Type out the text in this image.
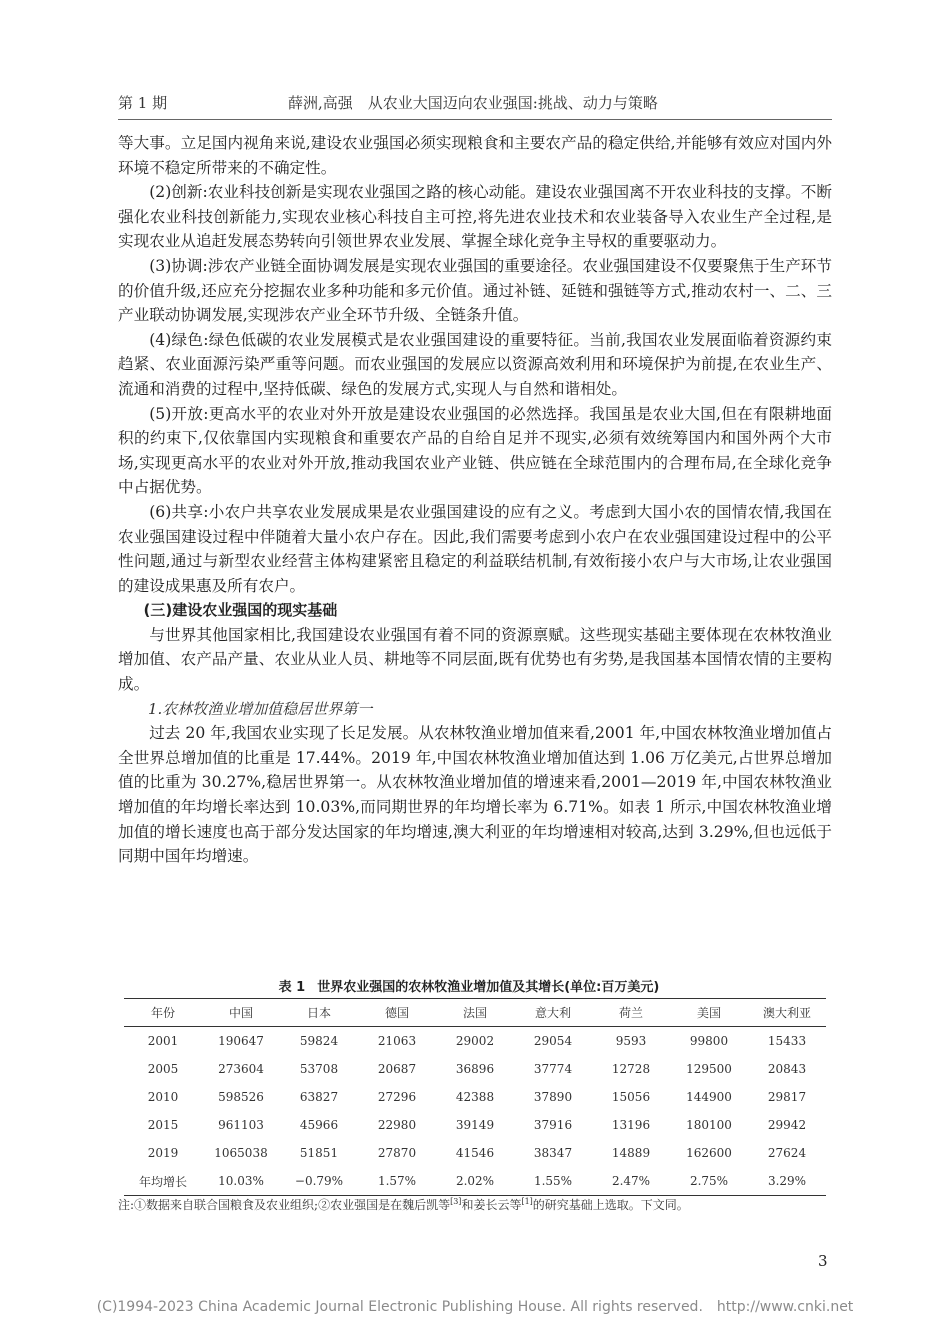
第 1 期	薛洲,高强　从农业大国迈向农业强国:挑战、动力与策略

等大事。立足国内视角来说,建设农业强国必须实现粮食和主要农产品的稳定供给,并能够有效应对国内外环境不稳定所带来的不确定性。

(2)创新:农业科技创新是实现农业强国之路的核心动能。建设农业强国离不开农业科技的支撑。不断强化农业科技创新能力,实现农业核心科技自主可控,将先进农业技术和农业装备导入农业生产全过程,是实现农业从追赶发展态势转向引领世界农业发展、掌握全球化竞争主导权的重要驱动力。

(3)协调:涉农产业链全面协调发展是实现农业强国的重要途径。农业强国建设不仅要聚焦于生产环节的价值升级,还应充分挖掘农业多种功能和多元价值。通过补链、延链和强链等方式,推动农村一、二、三产业联动协调发展,实现涉农产业全环节升级、全链条升值。

(4)绿色:绿色低碳的农业发展模式是农业强国建设的重要特征。当前,我国农业发展面临着资源约束趋紧、农业面源污染严重等问题。而农业强国的发展应以资源高效利用和环境保护为前提,在农业生产、流通和消费的过程中,坚持低碳、绿色的发展方式,实现人与自然和谐相处。

(5)开放:更高水平的农业对外开放是建设农业强国的必然选择。我国虽是农业大国,但在有限耕地面积的约束下,仅依靠国内实现粮食和重要农产品的自给自足并不现实,必须有效统筹国内和国外两个大市场,实现更高水平的农业对外开放,推动我国农业产业链、供应链在全球范围内的合理布局,在全球化竞争中占据优势。

(6)共享:小农户共享农业发展成果是农业强国建设的应有之义。考虑到大国小农的国情农情,我国在农业强国建设过程中伴随着大量小农户存在。因此,我们需要考虑到小农户在农业强国建设过程中的公平性问题,通过与新型农业经营主体构建紧密且稳定的利益联结机制,有效衔接小农户与大市场,让农业强国的建设成果惠及所有农户。

(三)建设农业强国的现实基础

与世界其他国家相比,我国建设农业强国有着不同的资源禀赋。这些现实基础主要体现在农林牧渔业增加值、农产品产量、农业从业人员、耕地等不同层面,既有优势也有劣势,是我国基本国情农情的主要构成。

1.农林牧渔业增加值稳居世界第一

过去 20 年,我国农业实现了长足发展。从农林牧渔业增加值来看,2001 年,中国农林牧渔业增加值占全世界总增加值的比重是 17.44%。2019 年,中国农林牧渔业增加值达到 1.06 万亿美元,占世界总增加值的比重为 30.27%,稳居世界第一。从农林牧渔业增加值的增速来看,2001—2019 年,中国农林牧渔业增加值的年均增长率达到 10.03%,而同期世界的年均增长率为 6.71%。如表 1 所示,中国农林牧渔业增加值的增长速度也高于部分发达国家的年均增速,澳大利亚的年均增速相对较高,达到 3.29%,但也远低于同期中国年均增速。

表 1 世界农业强国的农林牧渔业增加值及其增长(单位:百万美元)
年份	中国	日本	德国	法国	意大利	荷兰	美国	澳大利亚
2001	190647	59824	21063	29002	29054	9593	99800	15433
2005	273604	53708	20687	36896	37774	12728	129500	20843
2010	598526	63827	27296	42388	37890	15056	144900	29817
2015	961103	45966	22980	39149	37916	13196	180100	29942
2019	1065038	51851	27870	41546	38347	14889	162600	27624
年均增长	10.03%	−0.79%	1.57%	2.02%	1.55%	2.47%	2.75%	3.29%
注:①数据来自联合国粮食及农业组织;②农业强国是在魏后凯等[3]和姜长云等[1]的研究基础上选取。下文同。
3
(C)1994-2023 China Academic Journal Electronic Publishing House. All rights reserved.　http://www.cnki.net
